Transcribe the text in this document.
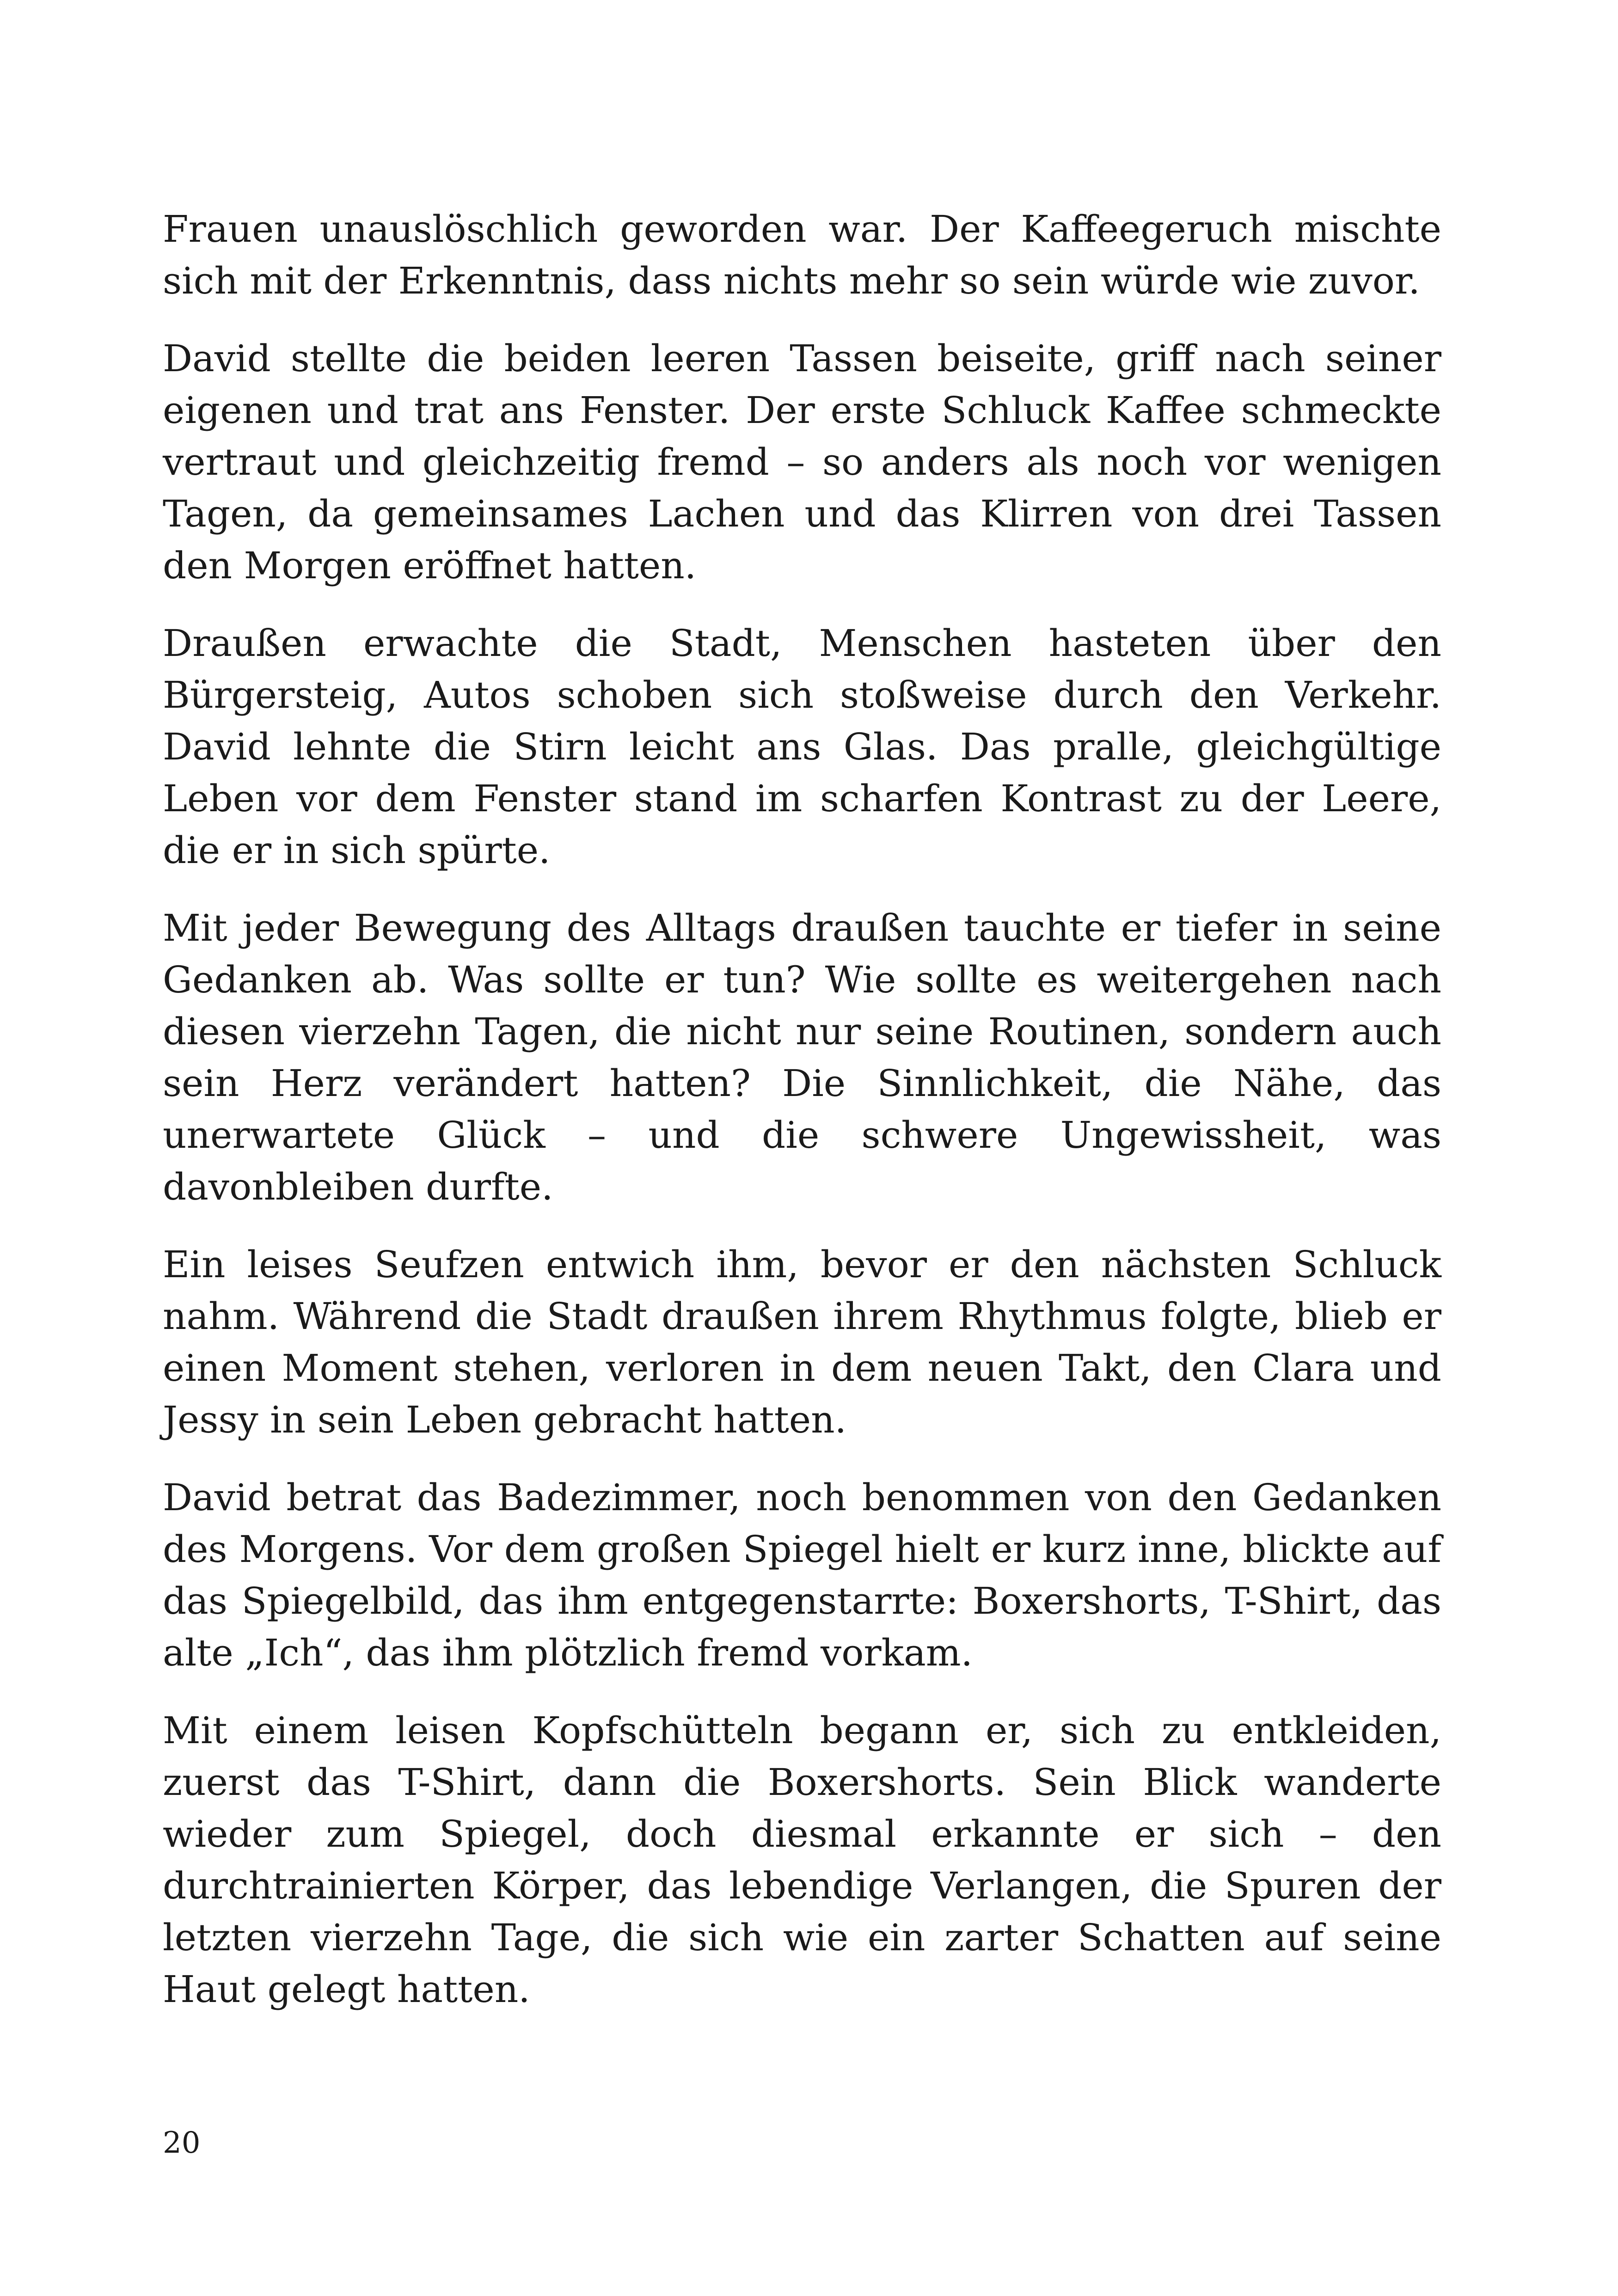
Frauen unauslöschlich geworden war. Der Kaffeegeruch mischte sich mit der Erkenntnis, dass nichts mehr so sein würde wie zuvor.

David stellte die beiden leeren Tassen beiseite, griff nach seiner eigenen und trat ans Fenster. Der erste Schluck Kaffee schmeckte vertraut und gleichzeitig fremd – so anders als noch vor wenigen Tagen, da gemeinsames Lachen und das Klirren von drei Tassen den Morgen eröffnet hatten.

Draußen erwachte die Stadt, Menschen hasteten über den Bürgersteig, Autos schoben sich stoßweise durch den Verkehr. David lehnte die Stirn leicht ans Glas. Das pralle, gleichgültige Leben vor dem Fenster stand im scharfen Kontrast zu der Leere, die er in sich spürte.

Mit jeder Bewegung des Alltags draußen tauchte er tiefer in seine Gedanken ab. Was sollte er tun? Wie sollte es weitergehen nach diesen vierzehn Tagen, die nicht nur seine Routinen, sondern auch sein Herz verändert hatten? Die Sinnlichkeit, die Nähe, das unerwartete Glück – und die schwere Ungewissheit, was davonbleiben durfte.

Ein leises Seufzen entwich ihm, bevor er den nächsten Schluck nahm. Während die Stadt draußen ihrem Rhythmus folgte, blieb er einen Moment stehen, verloren in dem neuen Takt, den Clara und Jessy in sein Leben gebracht hatten.

David betrat das Badezimmer, noch benommen von den Gedanken des Morgens. Vor dem großen Spiegel hielt er kurz inne, blickte auf das Spiegelbild, das ihm entgegenstarrte: Boxershorts, T-Shirt, das alte „Ich“, das ihm plötzlich fremd vorkam.

Mit einem leisen Kopfschütteln begann er, sich zu entkleiden, zuerst das T-Shirt, dann die Boxershorts. Sein Blick wanderte wieder zum Spiegel, doch diesmal erkannte er sich – den durchtrainierten Körper, das lebendige Verlangen, die Spuren der letzten vierzehn Tage, die sich wie ein zarter Schatten auf seine Haut gelegt hatten.

20
